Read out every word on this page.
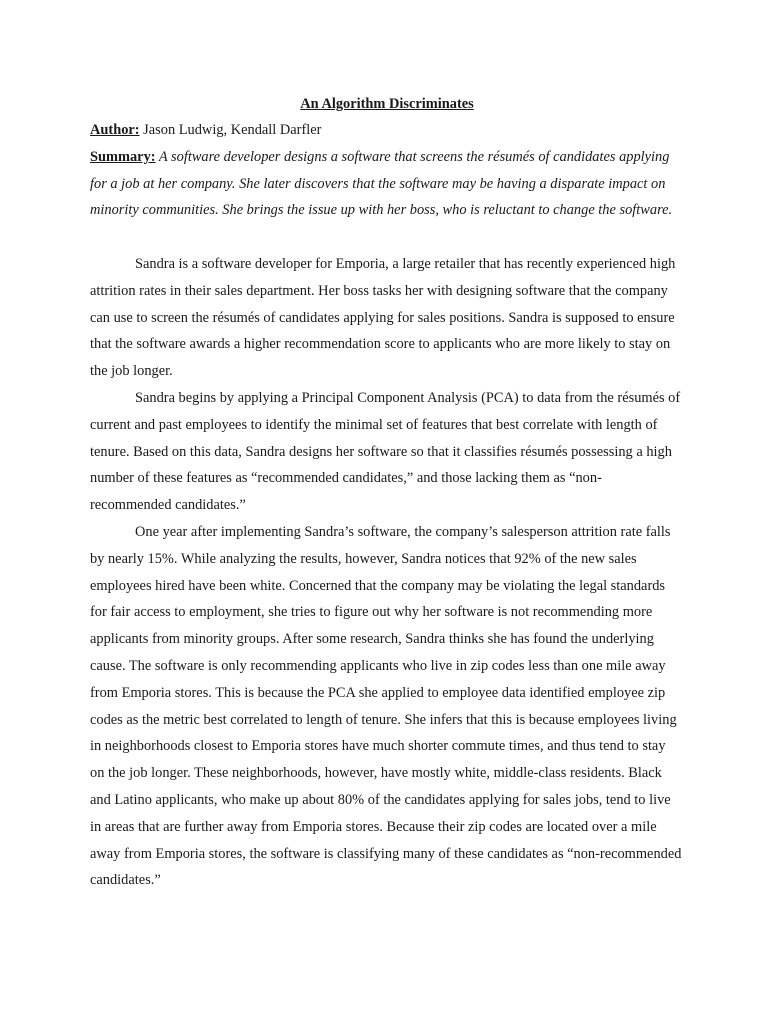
An Algorithm Discriminates

Author: Jason Ludwig, Kendall Darfler

Summary: A software developer designs a software that screens the résumés of candidates applying for a job at her company. She later discovers that the software may be having a disparate impact on minority communities. She brings the issue up with her boss, who is reluctant to change the software.

Sandra is a software developer for Emporia, a large retailer that has recently experienced high attrition rates in their sales department. Her boss tasks her with designing software that the company can use to screen the résumés of candidates applying for sales positions. Sandra is supposed to ensure that the software awards a higher recommendation score to applicants who are more likely to stay on the job longer.

Sandra begins by applying a Principal Component Analysis (PCA) to data from the résumés of current and past employees to identify the minimal set of features that best correlate with length of tenure. Based on this data, Sandra designs her software so that it classifies résumés possessing a high number of these features as “recommended candidates,” and those lacking them as “non-recommended candidates.”

One year after implementing Sandra’s software, the company’s salesperson attrition rate falls by nearly 15%. While analyzing the results, however, Sandra notices that 92% of the new sales employees hired have been white. Concerned that the company may be violating the legal standards for fair access to employment, she tries to figure out why her software is not recommending more applicants from minority groups. After some research, Sandra thinks she has found the underlying cause. The software is only recommending applicants who live in zip codes less than one mile away from Emporia stores. This is because the PCA she applied to employee data identified employee zip codes as the metric best correlated to length of tenure. She infers that this is because employees living in neighborhoods closest to Emporia stores have much shorter commute times, and thus tend to stay on the job longer. These neighborhoods, however, have mostly white, middle-class residents. Black and Latino applicants, who make up about 80% of the candidates applying for sales jobs, tend to live in areas that are further away from Emporia stores. Because their zip codes are located over a mile away from Emporia stores, the software is classifying many of these candidates as “non-recommended candidates.”
